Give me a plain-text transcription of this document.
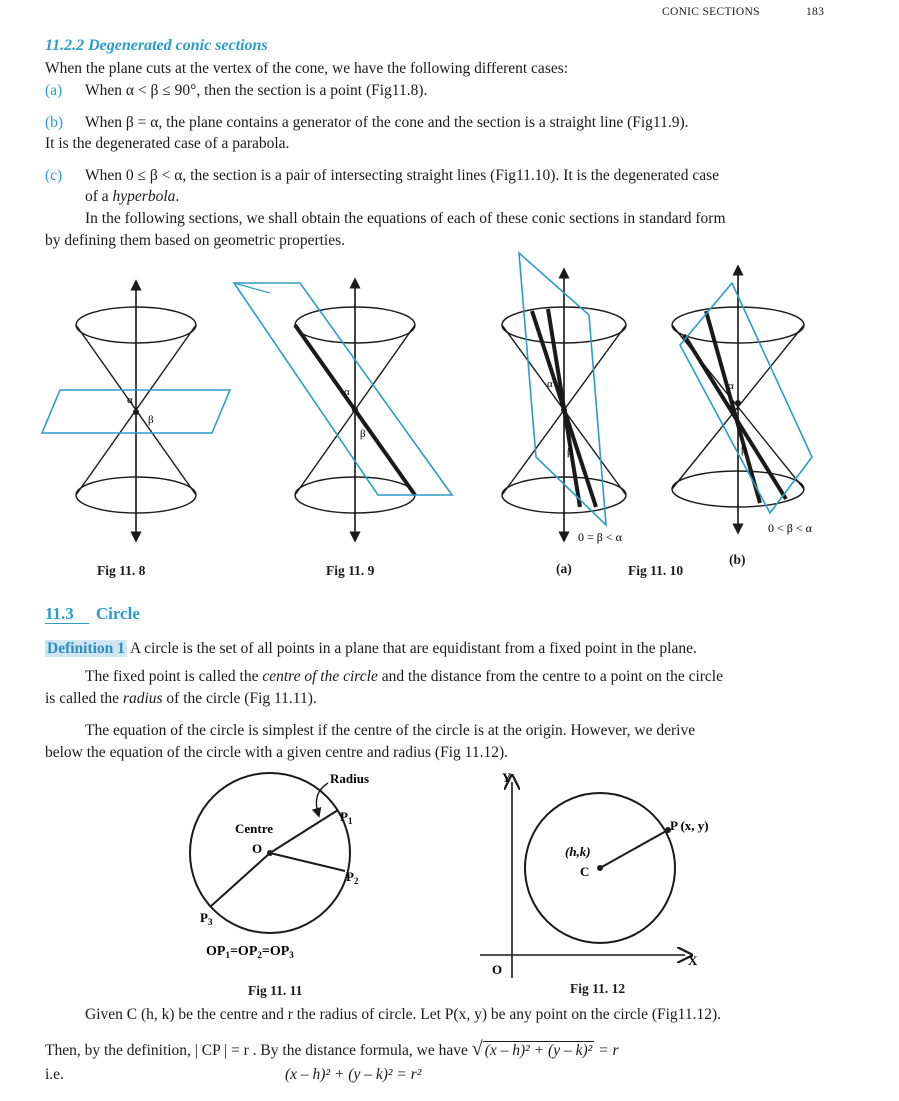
CONIC SECTIONS	183
11.2.2 Degenerated conic sections
When the plane cuts at the vertex of the cone, we have the following different cases:
(a) When α < β ≤ 90°, then the section is a point (Fig11.8).
(b) When β = α, the plane contains a generator of the cone and the section is a straight line (Fig11.9).
It is the degenerated case of a parabola.
(c) When 0 ≤ β < α, the section is a pair of intersecting straight lines (Fig11.10). It is the degenerated case
of a hyperbola.
In the following sections, we shall obtain the equations of each of these conic sections in standard form
by defining them based on geometric properties.
α
β
α
β
α
β
0 = β < α
α
β
0 < β < α
Fig 11. 8	Fig 11. 9	(a)	Fig 11. 10
(b)
11.3 Circle
Definition 1 A circle is the set of all points in a plane that are equidistant from a fixed point in the plane.
The fixed point is called the centre of the circle and the distance from the centre to a point on the circle
is called the radius of the circle (Fig 11.11).
The equation of the circle is simplest if the centre of the circle is at the origin. However, we derive
below the equation of the circle with a given centre and radius (Fig 11.12).
Radius
Centre
O
$P_1$
$P_2$
$P_3$
$OP_1=OP_2=OP_3$
Fig 11. 11
Y
X
O
(h,k)
C
P (x, y)
Fig 11. 12
Given C (h, k) be the centre and r the radius of circle. Let P(x, y) be any point on the circle (Fig11.12).
Then, by the definition, | CP | = r . By the distance formula, we have √ (x – h)² + (y – k)² = r
i.e.	(x – h)² + (y – k)² = r²
